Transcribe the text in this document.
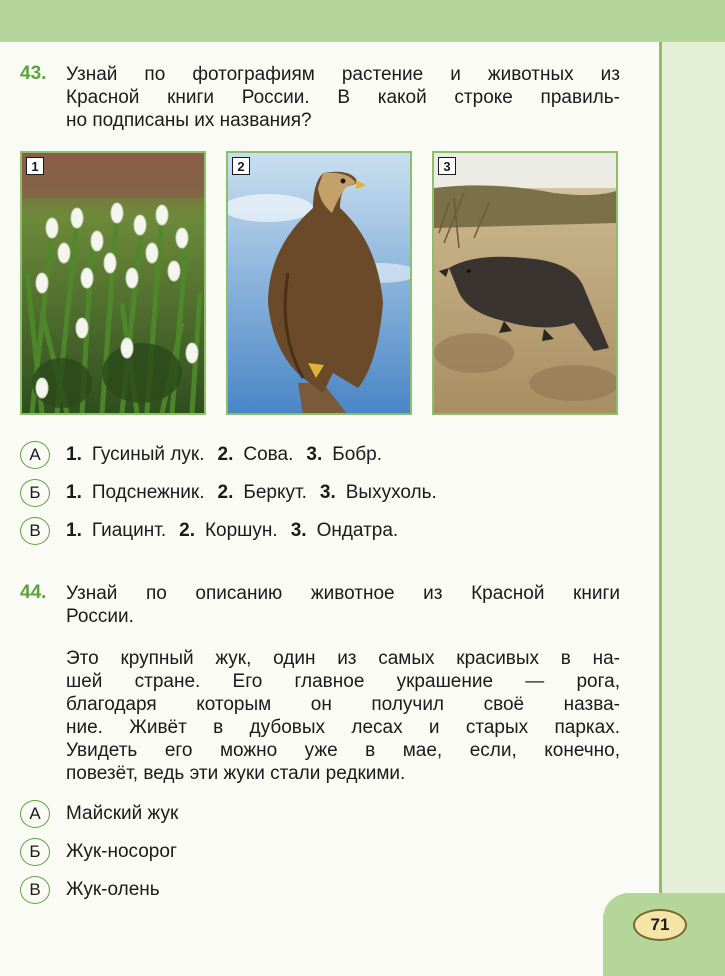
71
43. Узнай по фотографиям растение и животных из
Красной книги России. В какой строке правиль-
но подписаны их названия?
1	2	3
А	1. Гусиный лук. 2. Сова. 3. Бобр.
Б	1. Подснежник. 2. Беркут. 3. Выхухоль.
В	1. Гиацинт. 2. Коршун. 3. Ондатра.
44. Узнай по описанию животное из Красной книги
России.
Это крупный жук, один из самых красивых в на-
шей стране. Его главное украшение — рога,
благодаря которым он получил своё назва-
ние. Живёт в дубовых лесах и старых парках.
Увидеть его можно уже в мае, если, конечно,
повезёт, ведь эти жуки стали редкими.
А	Майский жук
Б	Жук-носорог
В	Жук-олень
